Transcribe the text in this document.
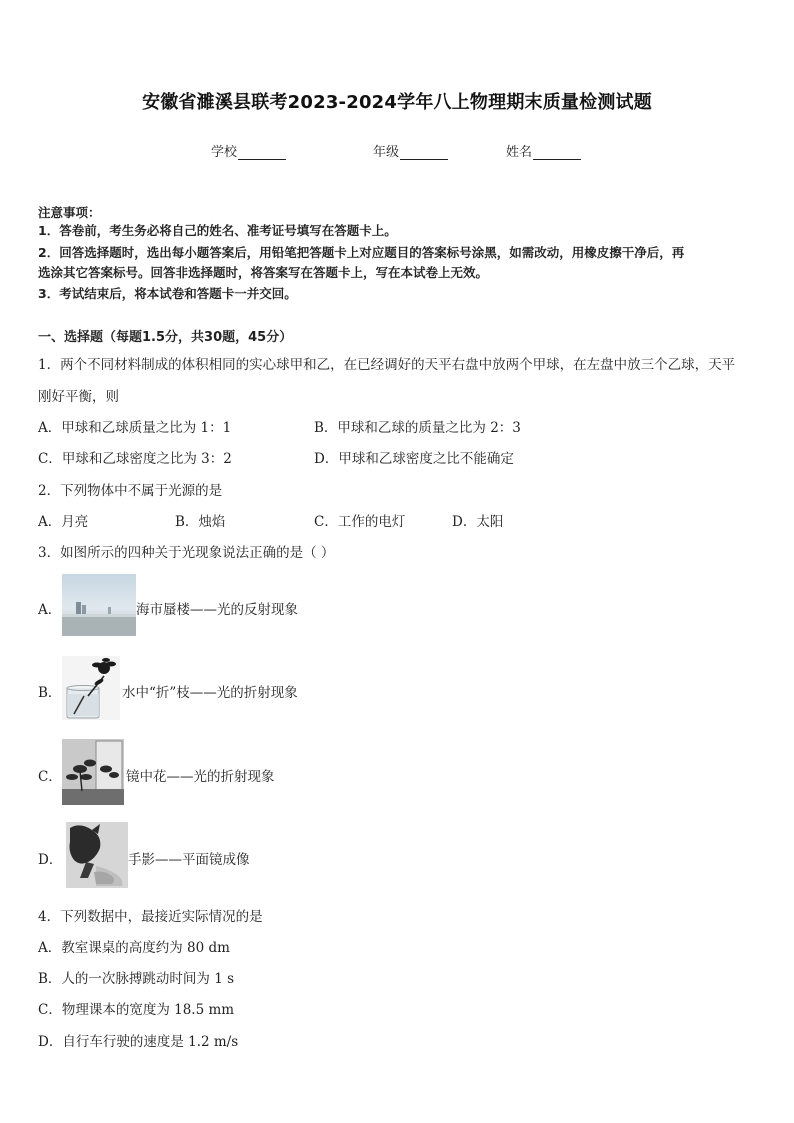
安徽省濉溪县联考2023-2024学年八上物理期末质量检测试题
学校	年级	姓名
注意事项：
1．答卷前，考生务必将自己的姓名、准考证号填写在答题卡上。
2．回答选择题时，选出每小题答案后，用铅笔把答题卡上对应题目的答案标号涂黑，如需改动，用橡皮擦干净后，再
选涂其它答案标号。回答非选择题时，将答案写在答题卡上，写在本试卷上无效。
3．考试结束后，将本试卷和答题卡一并交回。
一、选择题（每题1.5分，共30题，45分）
1．两个不同材料制成的体积相同的实心球甲和乙，在已经调好的天平右盘中放两个甲球，在左盘中放三个乙球，天平
刚好平衡，则
A．甲球和乙球质量之比为 1：1	B．甲球和乙球的质量之比为 2：3
C．甲球和乙球密度之比为 3：2	D．甲球和乙球密度之比不能确定
2．下列物体中不属于光源的是
A．月亮	B．烛焰	C．工作的电灯	D．太阳
3．如图所示的四种关于光现象说法正确的是（ ）
A．	海市蜃楼——光的反射现象
B．	水中“折”枝——光的折射现象
C．	镜中花——光的折射现象
D．	手影——平面镜成像
4．下列数据中，最接近实际情况的是
A．教室课桌的高度约为 80 dm
B．人的一次脉搏跳动时间为 1 s
C．物理课本的宽度为 18.5 mm
D．自行车行驶的速度是 1.2 m/s
